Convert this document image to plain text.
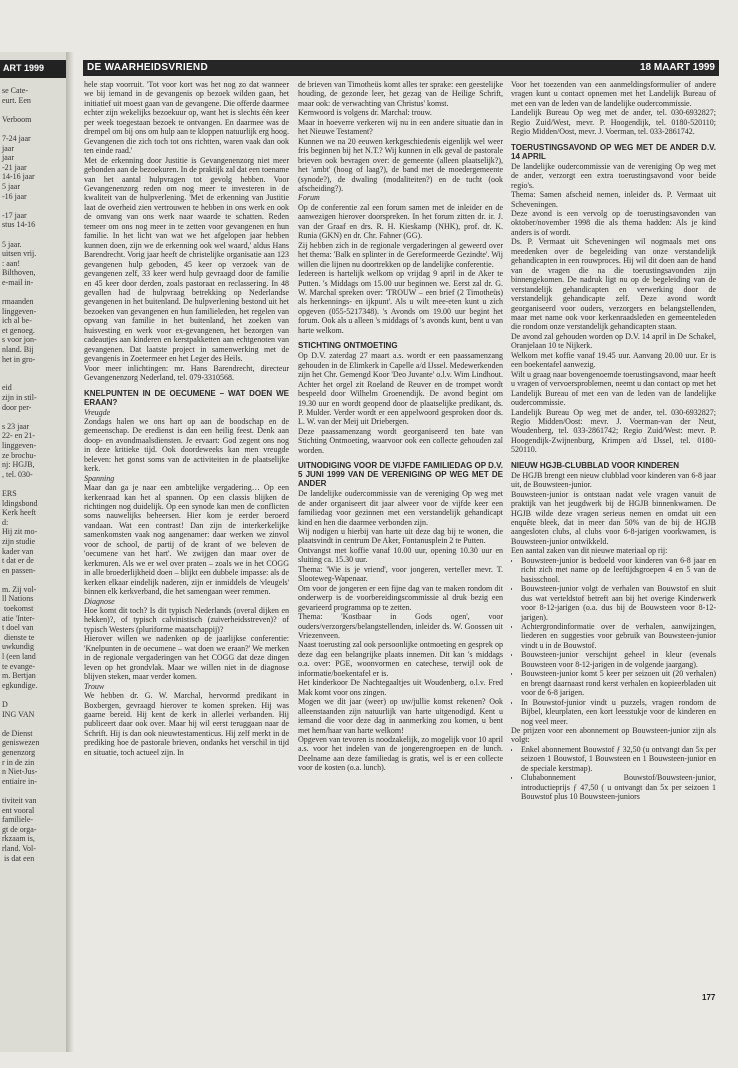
ART 1999
se Cate-
eurt. Een

Verboom

7-24 jaar
jaar
jaar
-21 jaar
14-16 jaar
5 jaar
-16 jaar

-17 jaar
stus 14-16

5 jaar.
uitsen vrij.
: aan!
Bilthoven,
e-mail in-

rmaanden
linggeven-
ich al be-
et genoeg.
s voor jon-
nland. Bij
het in gro-

eid
zijn in stil-
door per-

s 23 jaar
22- en 21-
linggeven-
ze brochu-
nj: HGJB,
, tel. 030-

ERS
ldingsbond
Kerk heeft
d:
Hij zit mo-
zijn studie
kader van
t dat er de
en passen-

m. Zij vol-
ll Nations
toekomst
atie 'Inter-
t doel van
dienste te
uwkundig
l (een land
te evange-
m. Bertjan
egkundige.

D
ING VAN

de Dienst
geniswezen
genenzorg
r in de zin
n Niet-Jus-
entiaire in-

tiviteit van
ent vooral
familiele-
gt de orga-
rkzaam is,
rland. Vol-
is dat een
DE WAARHEIDSVRIEND	18 MAART 1999

hele stap voorruit. 'Tot voor kort was het nog zo dat wanneer we bij iemand in de gevangenis op bezoek wilden gaan, het initiatief uit moest gaan van de gevangene. Die offerde daarmee echter zijn wekelijks bezoekuur op, want het is slechts één keer per week toegestaan bezoek te ontvangen. En daarmee was de drempel om bij ons om hulp aan te kloppen natuurlijk erg hoog. Gevangenen die zich toch tot ons richtten, waren vaak dan ook ten einde raad.'

Met de erkenning door Justitie is Gevangenenzorg niet meer gebonden aan de bezoekuren. In de praktijk zal dat een toename van het aantal hulpvragen tot gevolg hebben. Voor Gevangenenzorg reden om nog meer te investeren in de kwaliteit van de hulpverlening. 'Met de erkenning van Justitie laat de overheid zien vertrouwen te hebben in ons werk en ook de omvang van ons werk naar waarde te schatten. Reden temeer om ons nog meer in te zetten voor gevangenen en hun familie. In het licht van wat we het afgelopen jaar hebben kunnen doen, zijn we de erkenning ook wel waard,' aldus Hans Barendrecht. Vorig jaar heeft de christelijke organisatie aan 123 gevangenen hulp geboden, 45 keer op verzoek van de gevangenen zelf, 33 keer werd hulp gevraagd door de familie en 45 keer door derden, zoals pastoraat en reclassering. In 48 gevallen had de hulpvraag betrekking op Nederlandse gevangenen in het buitenland. De hulpverlening bestond uit het bezoeken van gevangenen en hun familieleden, het regelen van opvang van familie in het buitenland, het zoeken van huisvesting en werk voor ex-gevangenen, het bezorgen van cadeautjes aan kinderen en kerstpakketten aan echtgenoten van gevangenen. Dat laatste project in samenwerking met de gevangenis in Zoetermeer en het Leger des Heils.

Voor meer inlichtingen: mr. Hans Barendrecht, directeur Gevangenenzorg Nederland, tel. 079-3310568.

KNELPUNTEN IN DE OECUMENE – WAT DOEN WE ERAAN?

Vreugde

Zondags halen we ons hart op aan de boodschap en de gemeenschap. De eredienst is dan een heilig feest. Denk aan doop- en avondmaalsdiensten. Je ervaart: God zegent ons nog in deze kritieke tijd. Ook doordeweeks kan men vreugde beleven: het gonst soms van de activiteiten in de plaatselijke kerk.

Spanning

Maar dan ga je naar een ambtelijke vergadering… Op een kerkenraad kan het al spannen. Op een classis blijken de richtingen nog duidelijk. Op een synode kan men de conflicten soms nauwelijks beheersen. Hier kom je eerder beroerd vandaan. Wat een contrast! Dan zijn de interkerkelijke samenkomsten vaak nog aangenamer: daar werken we zinvol voor de school, de partij of de krant of we beleven de 'oecumene van het hart'. We zwijgen dan maar over de kerkmuren. Als we er wel over praten – zoals we in het COGG in alle broederlijkheid doen – blijkt een dubbele impasse: als de kerken elkaar eindelijk naderen, zijn er inmiddels de 'vleugels' binnen elk kerkverband, die het samengaan weer remmen.

Diagnose

Hoe komt dit toch? Is dit typisch Nederlands (overal dijken en hekken)?, of typisch calvinistisch (zuiverheidsstreven)? of typisch Westers (pluriforme maatschappij)?

Hierover willen we nadenken op de jaarlijkse conferentie: 'Knelpunten in de oecumene – wat doen we eraan?' We merken in de regionale vergaderingen van het COGG dat deze dingen leven op het grondvlak. Maar we willen niet in de diagnose blijven steken, maar verder komen.

Trouw

We hebben dr. G. W. Marchal, hervormd predikant in Boxbergen, gevraagd hierover te komen spreken. Hij was gaarne bereid. Hij kent de kerk in allerlei verbanden. Hij publiceert daar ook over. Maar hij wil eerst teruggaan naar de Schrift. Hij is dan ook nieuwtestamenticus. Hij zelf merkt in de prediking hoe de pastorale brieven, ondanks het verschil in tijd en situatie, toch actueel zijn. In

de brieven van Timotheüs komt alles ter sprake: een geestelijke houding, de gezonde leer, het gezag van de Heilige Schrift, maar ook: de verwachting van Christus' komst.

Kernwoord is volgens dr. Marchal: trouw.

Maar in hoeverre verkeren wij nu in een andere situatie dan in het Nieuwe Testament?

Kunnen we na 20 eeuwen kerkgeschiedenis eigenlijk wel weer fris beginnen bij het N.T.? Wij kunnen in elk geval de pastorale brieven ook bevragen over: de gemeente (alleen plaatselijk?), het 'ambt' (hoog of laag?), de band met de moedergemeente (synode?), de dwaling (modaliteiten?) en de tucht (ook afscheiding?).

Forum

Op de conferentie zal een forum samen met de inleider en de aanwezigen hierover doorspreken. In het forum zitten dr. ir. J. van der Graaf en drs. R. H. Kieskamp (NHK), prof. dr. K. Runia (GKN) en dr. Chr. Fahner (GG).

Zij hebben zich in de regionale vergaderingen al geweerd over het thema: 'Balk en splinter in de Gereformeerde Gezindte'. Wij willen die lijnen nu doortrekken op de landelijke conferentie.

Iedereen is hartelijk welkom op vrijdag 9 april in de Aker te Putten. 's Middags om 15.00 uur beginnen we. Eerst zal dr. G. W. Marchal spreken over: 'TROUW – een brief (2 Timotheüs) als herkennings- en ijkpunt'. Als u wilt mee-eten kunt u zich opgeven (055-5217348). 's Avonds om 19.00 uur begint het forum. Ook als u alleen 's middags of 's avonds kunt, bent u van harte welkom.

STICHTING ONTMOETING

Op D.V. zaterdag 27 maart a.s. wordt er een paassamenzang gehouden in de Elimkerk in Capelle a/d IJssel. Medewerkenden zijn het Chr. Gemengd Koor 'Deo Juvante' o.l.v. Wim Lindhout. Achter het orgel zit Roeland de Reuver en de trompet wordt bespeeld door Wilhelm Groenendijk. De avond begint om 19.30 uur en wordt geopend door de plaatselijke predikant, ds. P. Mulder. Verder wordt er een appelwoord gesproken door ds. L. W. van der Meij uit Driebergen.

Deze paassamenzang wordt georganiseerd ten bate van Stichting Ontmoeting, waarvoor ook een collecte gehouden zal worden.

UITNODIGING VOOR DE VIJFDE FAMILIEDAG OP D.V. 5 JUNI 1999 VAN DE VERENIGING OP WEG MET DE ANDER

De landelijke oudercommissie van de vereniging Op weg met de ander organiseert dit jaar alweer voor de vijfde keer een familiedag voor gezinnen met een verstandelijk gehandicapt kind en hen die daarmee verbonden zijn.

Wij nodigen u hierbij van harte uit deze dag bij te wonen, die plaatsvindt in centrum De Aker, Fontanusplein 2 te Putten.

Ontvangst met koffie vanaf 10.00 uur, opening 10.30 uur en sluiting ca. 15.30 uur.

Thema: 'Wie is je vriend', voor jongeren, verteller mevr. T. Slooteweg-Wapenaar.

Om voor de jongeren er een fijne dag van te maken rondom dit onderwerp is de voorbereidingscommissie al druk bezig een gevarieerd programma op te zetten.

Thema: 'Kostbaar in Gods ogen', voor ouders/verzorgers/belangstellenden, inleider ds. W. Goossen uit Vriezenveen.

Naast toerusting zal ook persoonlijke ontmoeting en gesprek op deze dag een belangrijke plaats innemen. Dit kan 's middags o.a. over: PGE, woonvormen en catechese, terwijl ook de informatie/boekentafel er is.

Het kinderkoor De Nachtegaaltjes uit Woudenberg, o.l.v. Fred Mak komt voor ons zingen.

Mogen we dit jaar (weer) op uw/jullie komst rekenen? Ook alleenstaanden zijn natuurlijk van harte uitgenodigd. Kent u iemand die voor deze dag in aanmerking zou komen, u bent met hem/haar van harte welkom!

Opgeven van tevoren is noodzakelijk, zo mogelijk voor 10 april a.s. voor het indelen van de jongerengroepen en de lunch. Deelname aan deze familiedag is gratis, wel is er een collecte voor de kosten (o.a. lunch).

Voor het toezenden van een aanmeldingsformulier of andere vragen kunt u contact opnemen met het Landelijk Bureau of met een van de leden van de landelijke oudercommissie.

Landelijk Bureau Op weg met de ander, tel. 030-6932827; Regio Zuid/West, mevr. P. Hoogendijk, tel. 0180-520110; Regio Midden/Oost, mevr. J. Voerman, tel. 033-2861742.

TOERUSTINGSAVOND OP WEG MET DE ANDER D.V. 14 APRIL

De landelijke oudercommissie van de vereniging Op weg met de ander, verzorgt een extra toerustingsavond voor beide regio's.

Thema: Samen afscheid nemen, inleider ds. P. Vermaat uit Scheveningen.

Deze avond is een vervolg op de toerustingsavonden van oktober/november 1998 die als thema hadden: Als je kind anders is of wordt.

Ds. P. Vermaat uit Scheveningen wil nogmaals met ons meedenken over de begeleiding van onze verstandelijk gehandicapten in een rouwproces. Hij wil dit doen aan de hand van de vragen die na die toerustingsavonden zijn binnengekomen. De nadruk ligt nu op de begeleiding van de verstandelijk gehandicapten en verwerking door de verstandelijk gehandicapte zelf. Deze avond wordt georganiseerd voor ouders, verzorgers en belangstellenden, maar met name ook voor kerkenraadsleden en gemeenteleden die rondom onze verstandelijk gehandicapten staan.

De avond zal gehouden worden op D.V. 14 april in De Schakel, Oranjelaan 10 te Nijkerk.

Welkom met koffie vanaf 19.45 uur. Aanvang 20.00 uur. Er is een boekentafel aanwezig.

Wilt u graag naar bovengenoemde toerustingsavond, maar heeft u vragen of vervoersproblemen, neemt u dan contact op met het Landelijk Bureau of met een van de leden van de landelijke oudercommissie.

Landelijk Bureau Op weg met de ander, tel. 030-6932827; Regio Midden/Oost: mevr. J. Voerman-van der Neut, Woudenberg, tel. 033-2861742; Regio Zuid/West: mevr. P. Hoogendijk-Zwijnenburg, Krimpen a/d IJssel, tel. 0180-520110.

NIEUW HGJB-CLUBBLAD VOOR KINDEREN

De HGJB brengt een nieuw clubblad voor kinderen van 6-8 jaar uit, de Bouwsteen-junior.

Bouwsteen-junior is ontstaan nadat vele vragen vanuit de praktijk van het jeugdwerk bij de HGJB binnenkwamen. De HGJB wilde deze vragen serieus nemen en omdat uit een enquête bleek, dat in meer dan 50% van de bij de HGJB aangesloten clubs, al clubs voor 6-8-jarigen voorkwamen, is Bouwsteen-junior ontwikkeld.

Een aantal zaken van dit nieuwe materiaal op rij:

• Bouwsteen-junior is bedoeld voor kinderen van 6-8 jaar en richt zich met name op de leeftijdsgroepen 4 en 5 van de basisschool.
• Bouwsteen-junior volgt de verhalen van Bouwstof en sluit dus wat verteldstof betreft aan bij het overige Kinderwerk voor 8-12-jarigen (o.a. dus bij de Bouwsteen voor 8-12-jarigen).
• Achtergrondinformatie over de verhalen, aanwijzingen, liederen en suggesties voor gebruik van Bouwsteen-junior vindt u in de Bouwstof.
• Bouwsteen-junior verschijnt geheel in kleur (evenals Bouwsteen voor 8-12-jarigen in de volgende jaargang).
• Bouwsteen-junior komt 5 keer per seizoen uit (20 verhalen) en brengt daarnaast rond kerst verhalen en kopieerbladen uit voor de 6-8 jarigen.
• In Bouwstof-junior vindt u puzzels, vragen rondom de Bijbel, kleurplaten, een kort leesstukje voor de kinderen en nog veel meer.

De prijzen voor een abonnement op Bouwsteen-junior zijn als volgt:

• Enkel abonnement Bouwstof ƒ 32,50 (u ontvangt dan 5x per seizoen 1 Bouwstof, 1 Bouwsteen en 1 Bouwsteen-junior en de speciale kerstmap).
• Clubabonnement Bouwstof/Bouwsteen-junior, introductieprijs ƒ 47,50 ( u ontvangt dan 5x per seizoen 1 Bouwstof plus 10 Bouwsteen-juniors
177
